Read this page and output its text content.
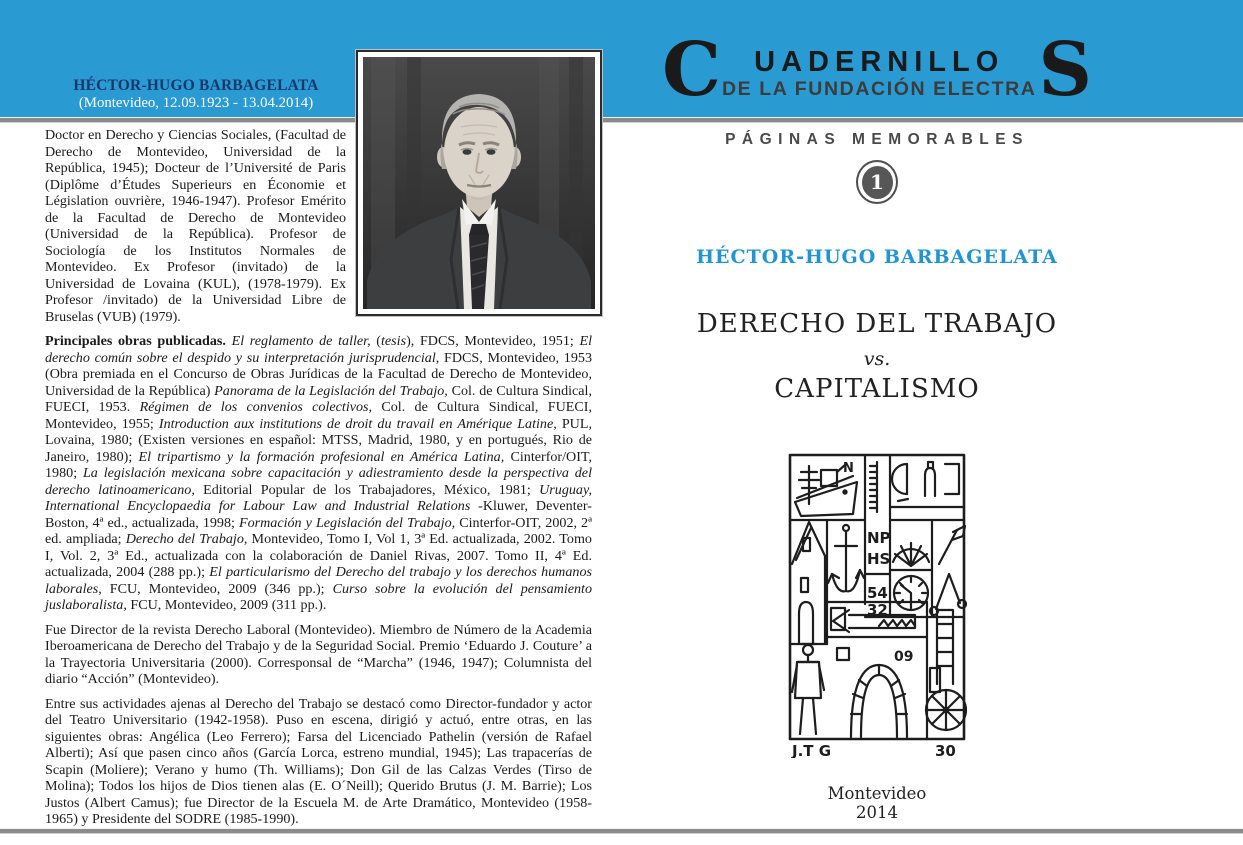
HÉCTOR-HUGO BARBAGELATA
(Montevideo, 12.09.1923 - 13.04.2014)

Doctor en Derecho y Ciencias Sociales, (Facultad de Derecho de Montevideo, Universidad de la República, 1945); Docteur de l’Université de Paris (Diplôme d’Études Superieurs en Économie et Législation ouvrière, 1946-1947). Profesor Emérito de la Facultad de Derecho de Montevideo (Universidad de la República). Profesor de Sociología de los Institutos Normales de Montevideo. Ex Profesor (invitado) de la Universidad de Lovaina (KUL), (1978-1979). Ex Profesor /invitado) de la Universidad Libre de Bruselas (VUB) (1979).

Principales obras publicadas. El reglamento de taller, (tesis), FDCS, Montevideo, 1951; El derecho común sobre el despido y su interpretación jurisprudencial, FDCS, Montevideo, 1953 (Obra premiada en el Concurso de Obras Jurídicas de la Facultad de Derecho de Montevideo, Universidad de la República) Panorama de la Legislación del Trabajo, Col. de Cultura Sindical, FUECI, 1953. Régimen de los convenios colectivos, Col. de Cultura Sindical, FUECI, Montevideo, 1955; Introduction aux institutions de droit du travail en Amérique Latine, PUL, Lovaina, 1980; (Existen versiones en español: MTSS, Madrid, 1980, y en portugués, Rio de Janeiro, 1980); El tripartismo y la formación profesional en América Latina, Cinterfor/OIT, 1980; La legislación mexicana sobre capacitación y adiestramiento desde la perspectiva del derecho latinoamericano, Editorial Popular de los Trabajadores, México, 1981; Uruguay, International Encyclopaedia for Labour Law and Industrial Relations -Kluwer, Deventer-Boston, 4ª ed., actualizada, 1998; Formación y Legislación del Trabajo, Cinterfor-OIT, 2002, 2ª ed. ampliada; Derecho del Trabajo, Montevideo, Tomo I, Vol 1, 3ª Ed. actualizada, 2002. Tomo I, Vol. 2, 3ª Ed., actualizada con la colaboración de Daniel Rivas, 2007. Tomo II, 4ª Ed. actualizada, 2004 (288 pp.); El particularismo del Derecho del trabajo y los derechos humanos laborales, FCU, Montevideo, 2009 (346 pp.); Curso sobre la evolución del pensamiento juslaboralista, FCU, Montevideo, 2009 (311 pp.).

Fue Director de la revista Derecho Laboral (Montevideo). Miembro de Número de la Academia Iberoamericana de Derecho del Trabajo y de la Seguridad Social. Premio ‘Eduardo J. Couture’ a la Trayectoria Universitaria (2000). Corresponsal de “Marcha” (1946, 1947); Columnista del diario “Acción” (Montevideo).

Entre sus actividades ajenas al Derecho del Trabajo se destacó como Director-fundador y actor del Teatro Universitario (1942-1958). Puso en escena, dirigió y actuó, entre otras, en las siguientes obras: Angélica (Leo Ferrero); Farsa del Licenciado Pathelin (versión de Rafael Alberti); Así que pasen cinco años (García Lorca, estreno mundial, 1945); Las trapacerías de Scapin (Moliere); Verano y humo (Th. Williams); Don Gil de las Calzas Verdes (Tirso de Molina); Todos los hijos de Dios tienen alas (E. O´Neill); Querido Brutus (J. M. Barrie); Los Justos (Albert Camus); fue Director de la Escuela M. de Arte Dramático, Montevideo (1958-1965) y Presidente del SODRE (1985-1990).

C UADERNILLO
DE LA FUNDACIÓN ELECTRA S
PÁGINAS MEMORABLES
1
HÉCTOR-HUGO BARBAGELATA
DERECHO DEL TRABAJO
vs.
CAPITALISMO
N
NP
HS
54
32
09
J.T G	30
Montevideo
2014
